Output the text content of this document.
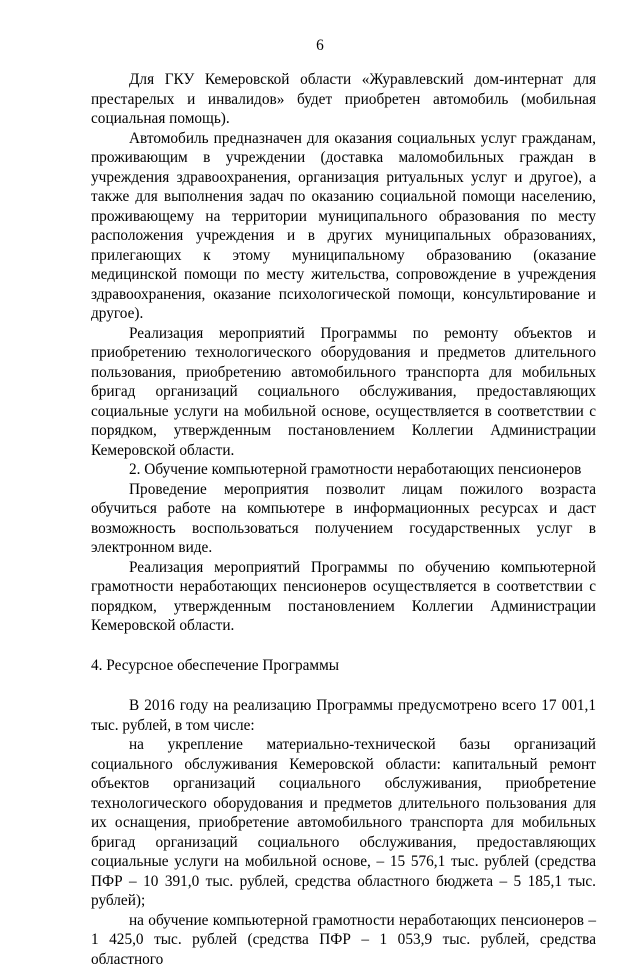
6

Для ГКУ Кемеровской области «Журавлевский дом-интернат для престарелых и инвалидов» будет приобретен автомобиль (мобильная социальная помощь).

Автомобиль предназначен для оказания социальных услуг гражданам, проживающим в учреждении (доставка маломобильных граждан в учреждения здравоохранения, организация ритуальных услуг и другое), а также для выполнения задач по оказанию социальной помощи населению, проживающему на территории муниципального образования по месту расположения учреждения и в других муниципальных образованиях, прилегающих к этому муниципальному образованию (оказание медицинской помощи по месту жительства, сопровождение в учреждения здравоохранения, оказание психологической помощи, консультирование и другое).

Реализация мероприятий Программы по ремонту объектов и приобретению технологического оборудования и предметов длительного пользования, приобретению автомобильного транспорта для мобильных бригад организаций социального обслуживания, предоставляющих социальные услуги на мобильной основе, осуществляется в соответствии с порядком, утвержденным постановлением Коллегии Администрации Кемеровской области.

2. Обучение компьютерной грамотности неработающих пенсионеров

Проведение мероприятия позволит лицам пожилого возраста обучиться работе на компьютере в информационных ресурсах и даст возможность воспользоваться получением государственных услуг в электронном виде.

Реализация мероприятий Программы по обучению компьютерной грамотности неработающих пенсионеров осуществляется в соответствии с порядком, утвержденным постановлением Коллегии Администрации Кемеровской области.

4. Ресурсное обеспечение Программы

В 2016 году на реализацию Программы предусмотрено всего 17 001,1 тыс. рублей, в том числе:

на укрепление материально-технической базы организаций социального обслуживания Кемеровской области: капитальный ремонт объектов организаций социального обслуживания, приобретение технологического оборудования и предметов длительного пользования для их оснащения, приобретение автомобильного транспорта для мобильных бригад организаций социального обслуживания, предоставляющих социальные услуги на мобильной основе, – 15 576,1 тыс. рублей (средства ПФР – 10 391,0 тыс. рублей, средства областного бюджета – 5 185,1 тыс. рублей);

на обучение компьютерной грамотности неработающих пенсионеров – 1 425,0 тыс. рублей (средства ПФР – 1 053,9 тыс. рублей, средства областного
